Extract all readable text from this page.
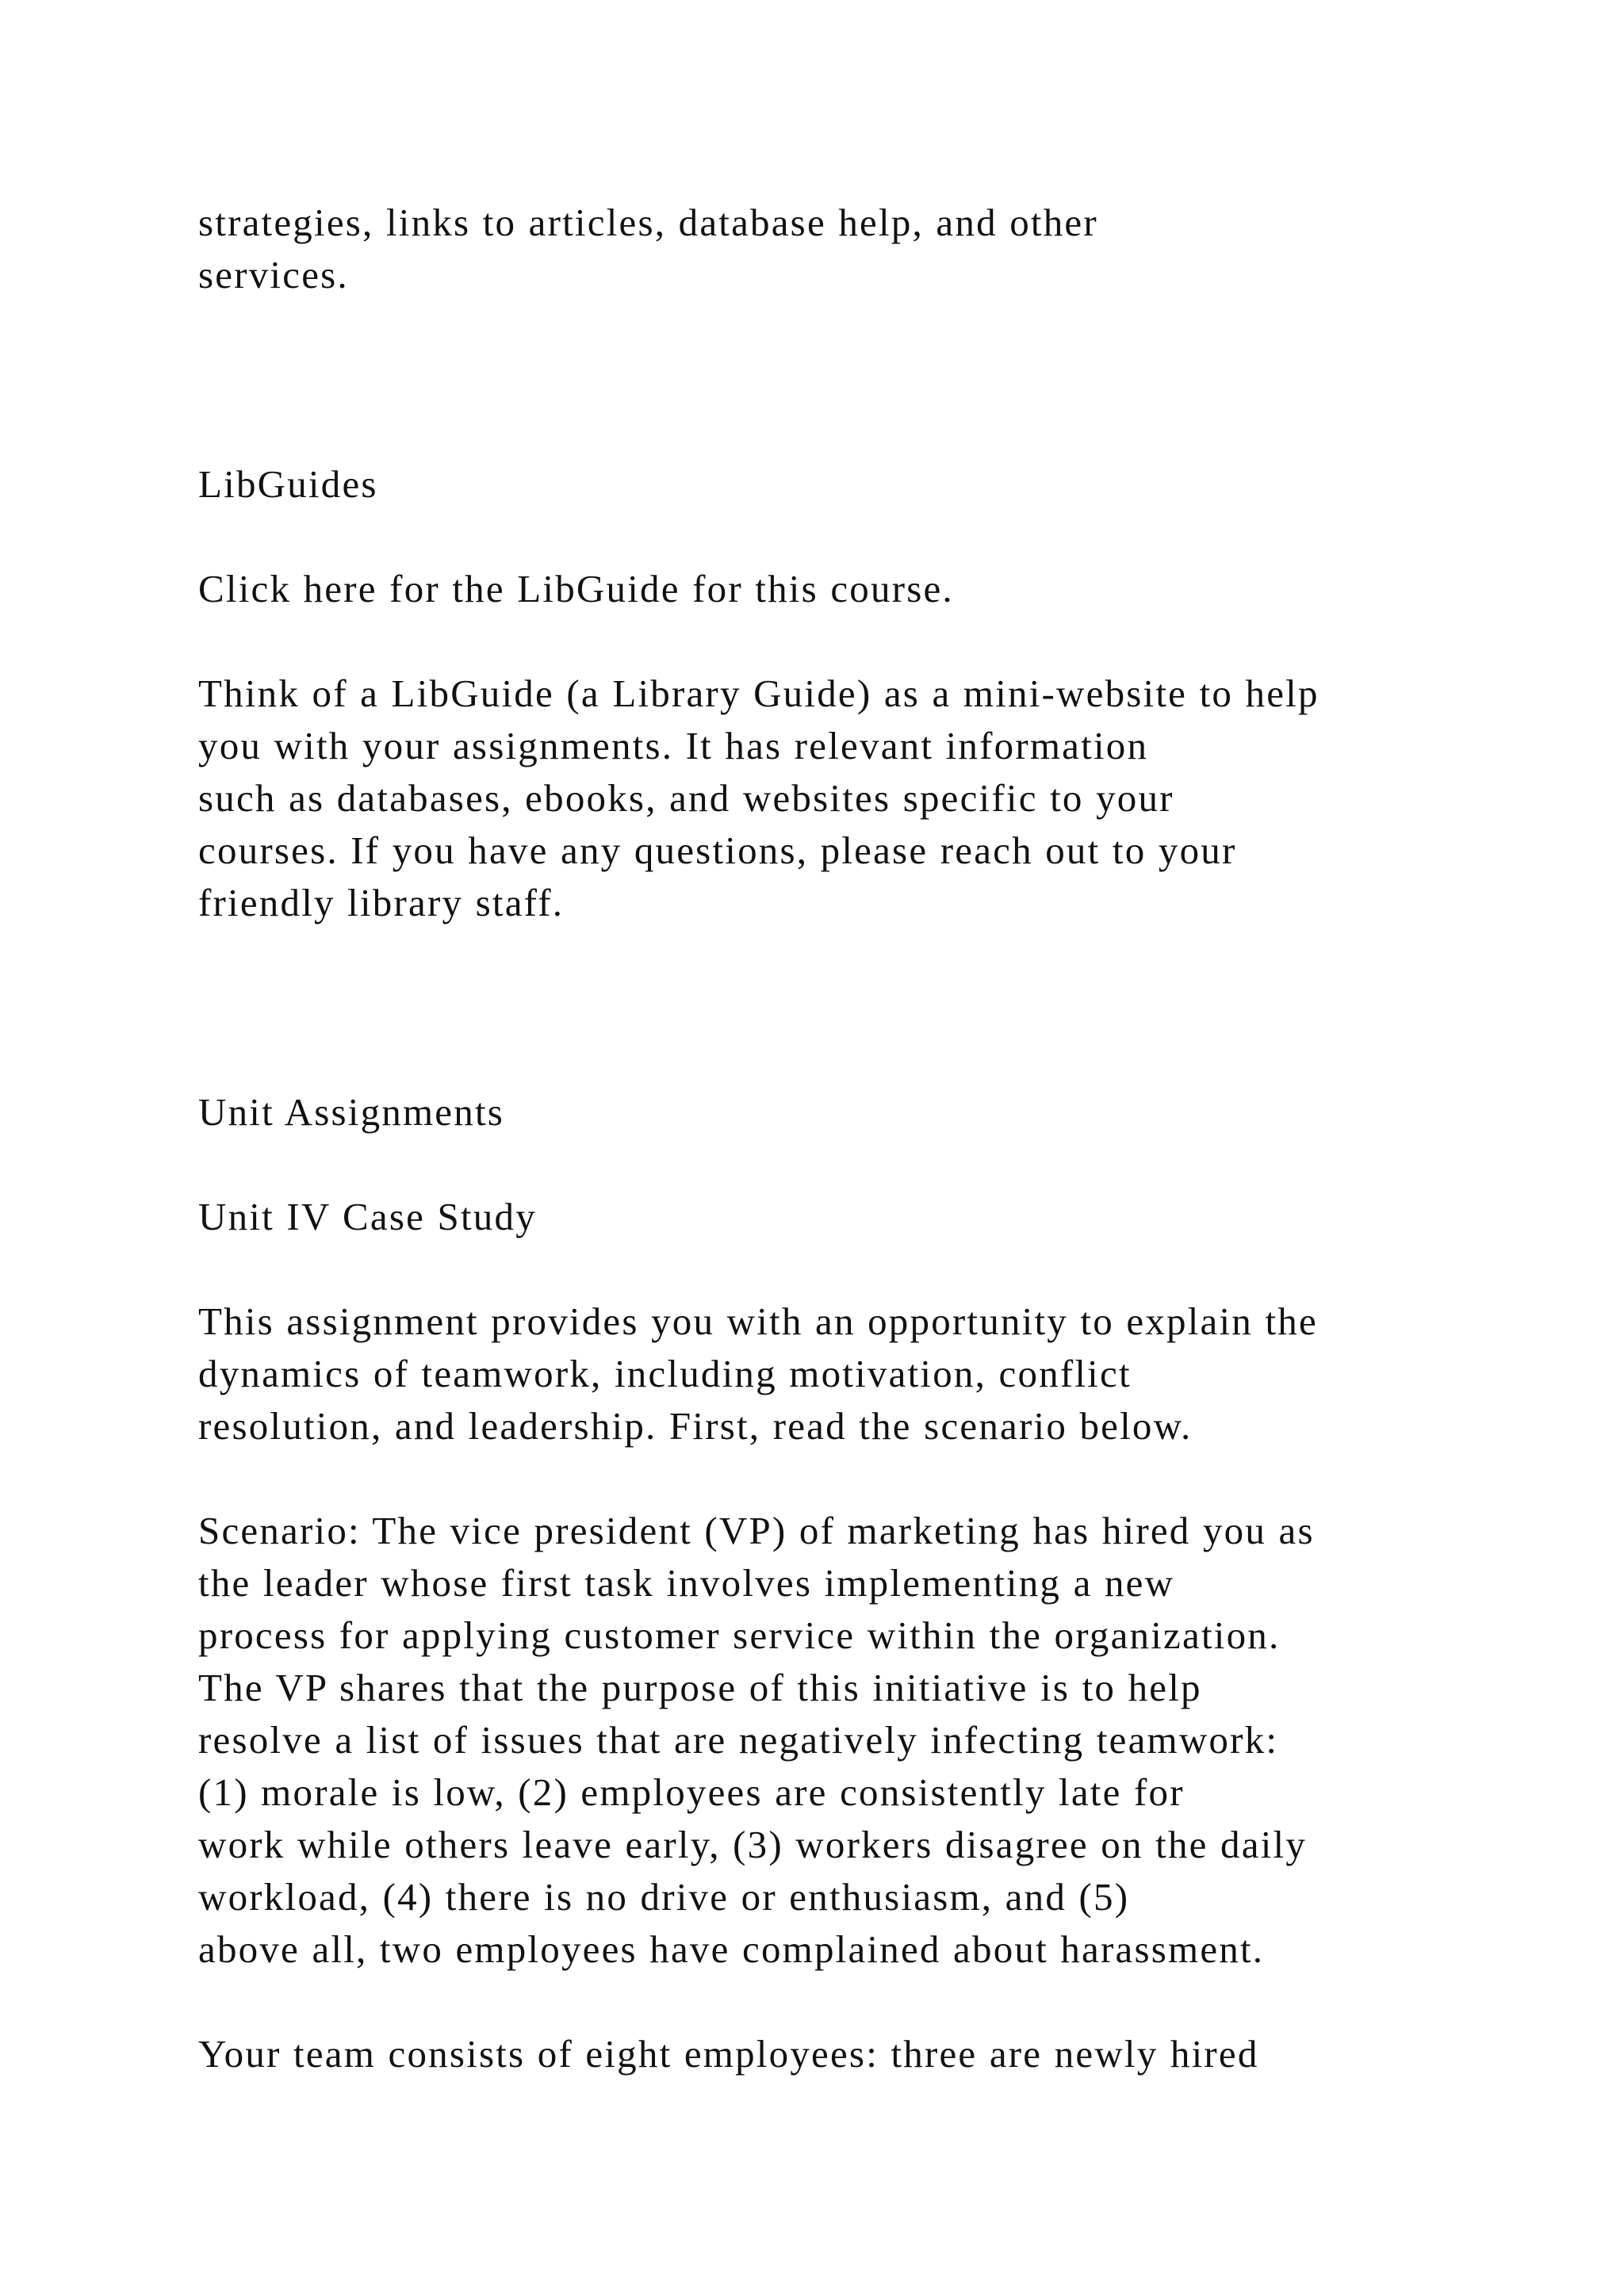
strategies, links to articles, database help, and other
services.
LibGuides
Click here for the LibGuide for this course.
Think of a LibGuide (a Library Guide) as a mini-website to help
you with your assignments. It has relevant information
such as databases, ebooks, and websites specific to your
courses. If you have any questions, please reach out to your
friendly library staff.
Unit Assignments
Unit IV Case Study
This assignment provides you with an opportunity to explain the
dynamics of teamwork, including motivation, conflict
resolution, and leadership. First, read the scenario below.
Scenario: The vice president (VP) of marketing has hired you as
the leader whose first task involves implementing a new
process for applying customer service within the organization.
The VP shares that the purpose of this initiative is to help
resolve a list of issues that are negatively infecting teamwork:
(1) morale is low, (2) employees are consistently late for
work while others leave early, (3) workers disagree on the daily
workload, (4) there is no drive or enthusiasm, and (5)
above all, two employees have complained about harassment.
Your team consists of eight employees: three are newly hired
